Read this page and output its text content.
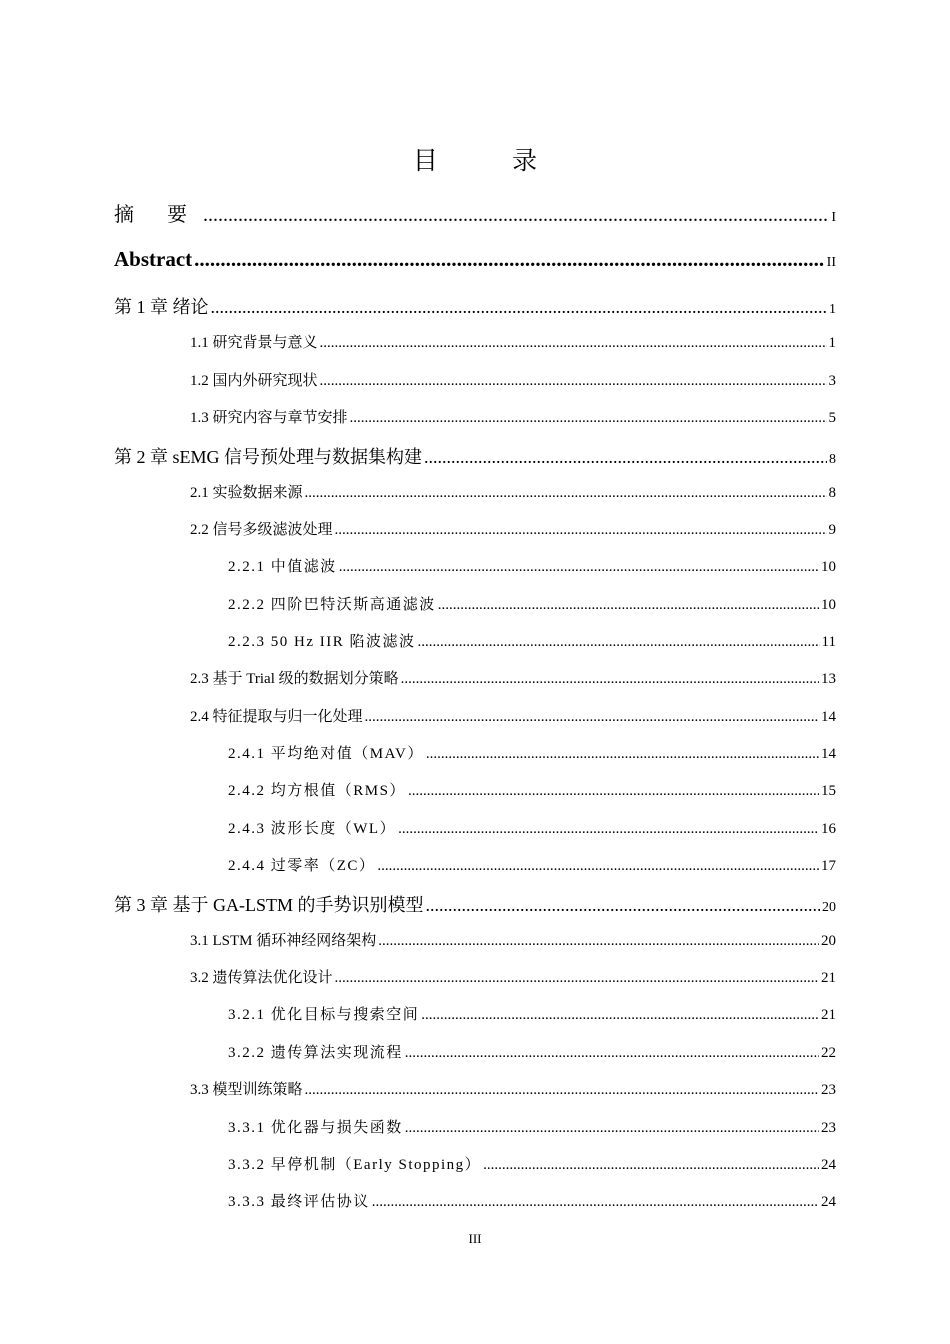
目 录
摘 要 .....	I
Abstract .....	II
第 1 章 绪论 .....	1
1.1 研究背景与意义 .....	1
1.2 国内外研究现状 .....	3
1.3 研究内容与章节安排 .....	5
第 2 章 sEMG 信号预处理与数据集构建 .....	8
2.1 实验数据来源 .....	8
2.2 信号多级滤波处理 .....	9
2.2.1 中值滤波 .....	10
2.2.2 四阶巴特沃斯高通滤波 .....	10
2.2.3 50 Hz IIR 陷波滤波 .....	11
2.3 基于 Trial 级的数据划分策略 .....	13
2.4 特征提取与归一化处理 .....	14
2.4.1 平均绝对值（MAV） .....	14
2.4.2 均方根值（RMS） .....	15
2.4.3 波形长度（WL） .....	16
2.4.4 过零率（ZC） .....	17
第 3 章 基于 GA-LSTM 的手势识别模型 .....	20
3.1 LSTM 循环神经网络架构 .....	20
3.2 遗传算法优化设计 .....	21
3.2.1 优化目标与搜索空间 .....	21
3.2.2 遗传算法实现流程 .....	22
3.3 模型训练策略 .....	23
3.3.1 优化器与损失函数 .....	23
3.3.2 早停机制（Early Stopping） .....	24
3.3.3 最终评估协议 .....	24
III
